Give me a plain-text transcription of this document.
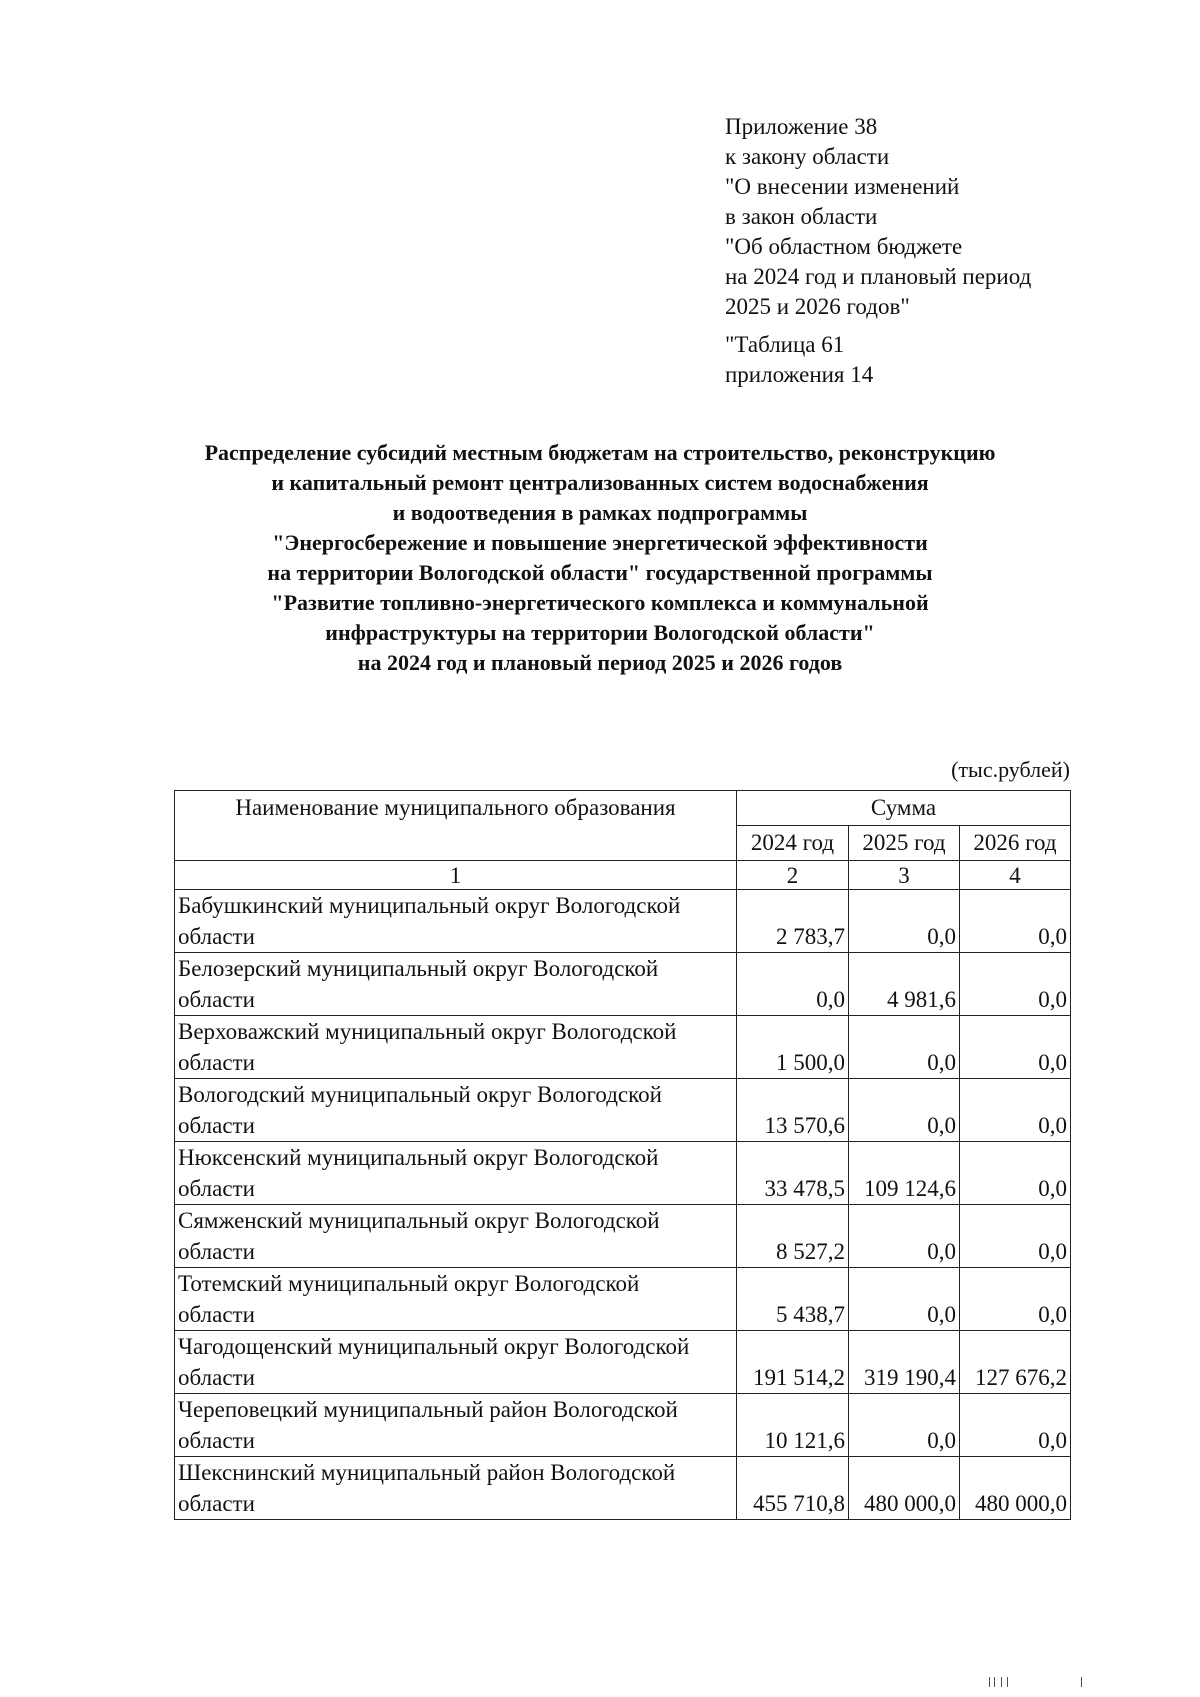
Приложение 38
к закону области
"О внесении изменений
в закон области
"Об областном бюджете
на 2024 год и плановый период
2025 и 2026 годов"
"Таблица 61
приложения 14
Распределение субсидий местным бюджетам на строительство, реконструкцию
и капитальный ремонт централизованных систем водоснабжения
и водоотведения в рамках подпрограммы
"Энергосбережение и повышение энергетической эффективности
на территории Вологодской области" государственной программы
"Развитие топливно-энергетического комплекса и коммунальной
инфраструктуры на территории Вологодской области"
на 2024 год и плановый период 2025 и 2026 годов
(тыс.рублей)
Наименование муниципального образования	Сумма		
	2024 год	2025 год	2026 год
1	2	3	4
Бабушкинский муниципальный округ Вологодской
области	2 783,7	0,0	0,0
Белозерский муниципальный округ Вологодской
области	0,0	4 981,6	0,0
Верховажский муниципальный округ Вологодской
области	1 500,0	0,0	0,0
Вологодский муниципальный округ Вологодской
области	13 570,6	0,0	0,0
Нюксенский муниципальный округ Вологодской
области	33 478,5	109 124,6	0,0
Сямженский муниципальный округ Вологодской
области	8 527,2	0,0	0,0
Тотемский муниципальный округ Вологодской
области	5 438,7	0,0	0,0
Чагодощенский муниципальный округ Вологодской
области	191 514,2	319 190,4	127 676,2
Череповецкий муниципальный район Вологодской
области	10 121,6	0,0	0,0
Шекснинский муниципальный район Вологодской
области	455 710,8	480 000,0	480 000,0
